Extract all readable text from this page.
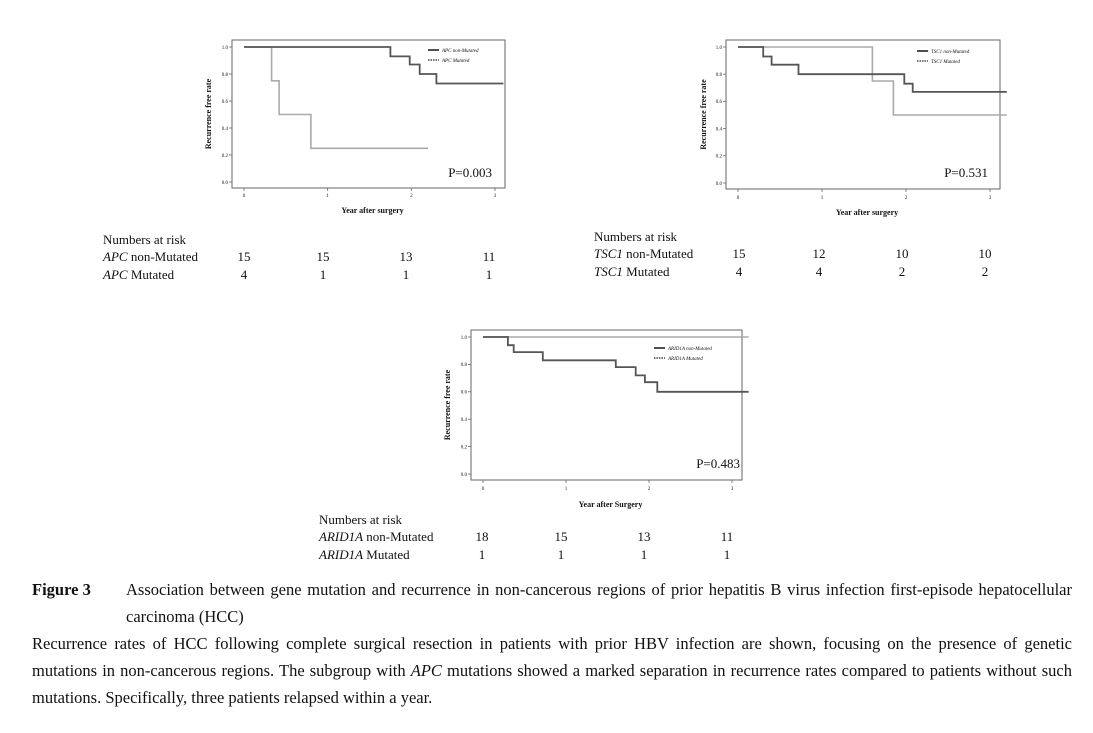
0.0
0.2
0.4
0.6
0.8
1.0
0	1	2	3
Year after surgery
Recurrence free rate
APC non-Mutated
APC Mutated
P=0.003
Numbers at risk
APC non-Mutated	15	15	13	11
APC Mutated	4	1	1	1
0.0
0.2
0.4
0.6
0.8
1.0
0	1	2	3
Year after surgery
Recurrence free rate
TSC1 non-Mutated
TSC1 Mutated
P=0.531
Numbers at risk
TSC1 non-Mutated	15	12	10	10
TSC1 Mutated	4	4	2	2
0.0
0.2
0.4
0.6
0.8
1.0
0	1	2	3
Year after Surgery
Recurrence free rate
ARID1A non-Mutated
ARID1A Mutated
P=0.483
Numbers at risk
ARID1A non-Mutated	18	15	13	11
ARID1A Mutated	1	1	1	1
Figure 3	Association between gene mutation and recurrence in non-cancerous regions of prior hepatitis B virus infection first-episode hepatocellular carcinoma (HCC)
Recurrence rates of HCC following complete surgical resection in patients with prior HBV infection are shown, focusing on the presence of genetic mutations in non-cancerous regions. The subgroup with APC mutations showed a marked separation in recurrence rates compared to patients without such mutations. Specifically, three patients relapsed within a year.
